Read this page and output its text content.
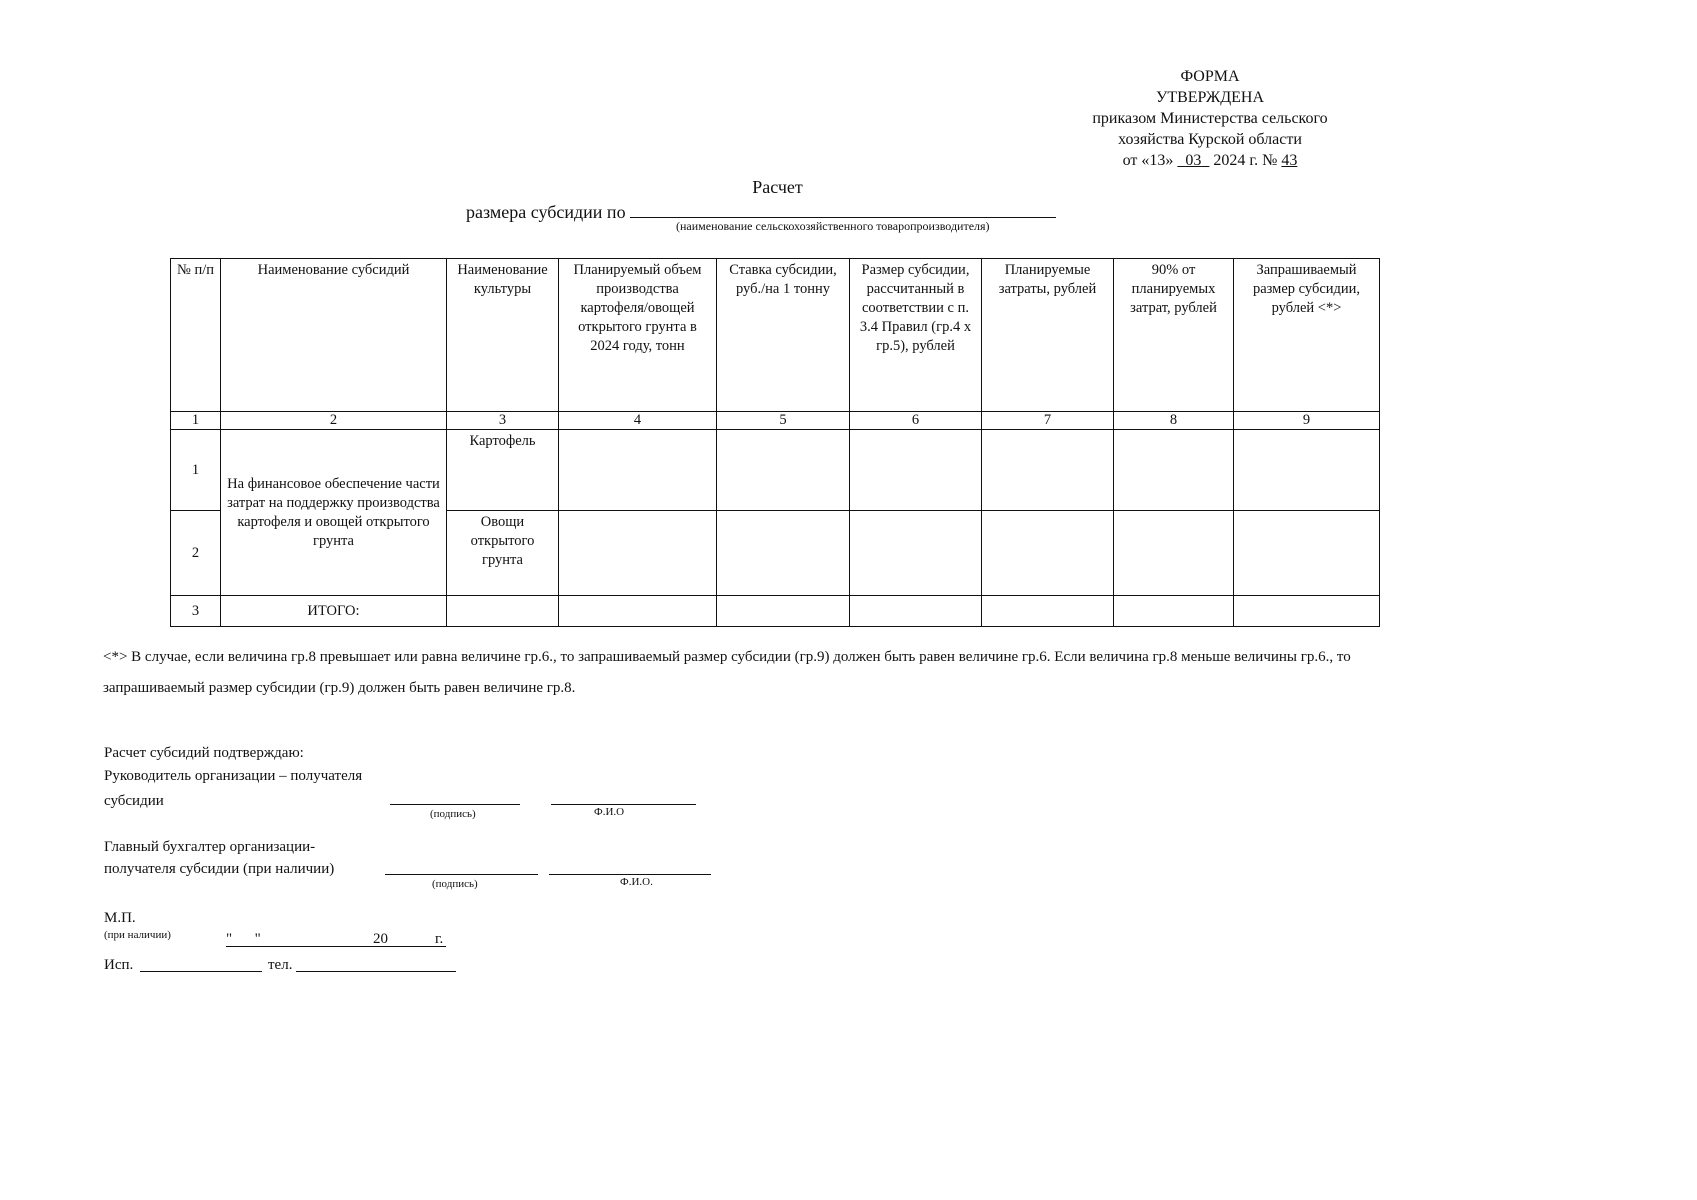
ФОРМА
УТВЕРЖДЕНА
приказом Министерства сельского
хозяйства Курской области
от «13» 03 2024 г. № 43
Расчет
размера субсидии по
(наименование сельскохозяйственного товаропроизводителя)
№ п/п	Наименование субсидий	Наименование культуры	Планируемый объем производства картофеля/овощей открытого грунта в 2024 году, тонн	Ставка субсидии, руб./на 1 тонну	Размер субсидии, рассчитанный в соответствии с п. 3.4 Правил (гр.4 х гр.5), рублей	Планируемые затраты, рублей	90% от планируемых затрат, рублей	Запрашиваемый размер субсидии, рублей <*>
1	2	3	4	5	6	7	8	9
1	На финансовое обеспечение части затрат на поддержку производства картофеля и овощей открытого грунта	Картофель						
2		Овощи открытого грунта						
3	ИТОГО:							
<*> В случае, если величина гр.8 превышает или равна величине гр.6., то запрашиваемый размер субсидии (гр.9) должен быть равен величине гр.6. Если величина гр.8 меньше величины гр.6., то запрашиваемый размер субсидии (гр.9) должен быть равен величине гр.8.
Расчет субсидий подтверждаю:
Руководитель организации – получателя
субсидии
(подпись)	Ф.И.О
Главный бухгалтер организации-
получателя субсидии (при наличии)
(подпись)	Ф.И.О.
М.П.
(при наличии)	"      "	20	г.
Исп.	тел.
